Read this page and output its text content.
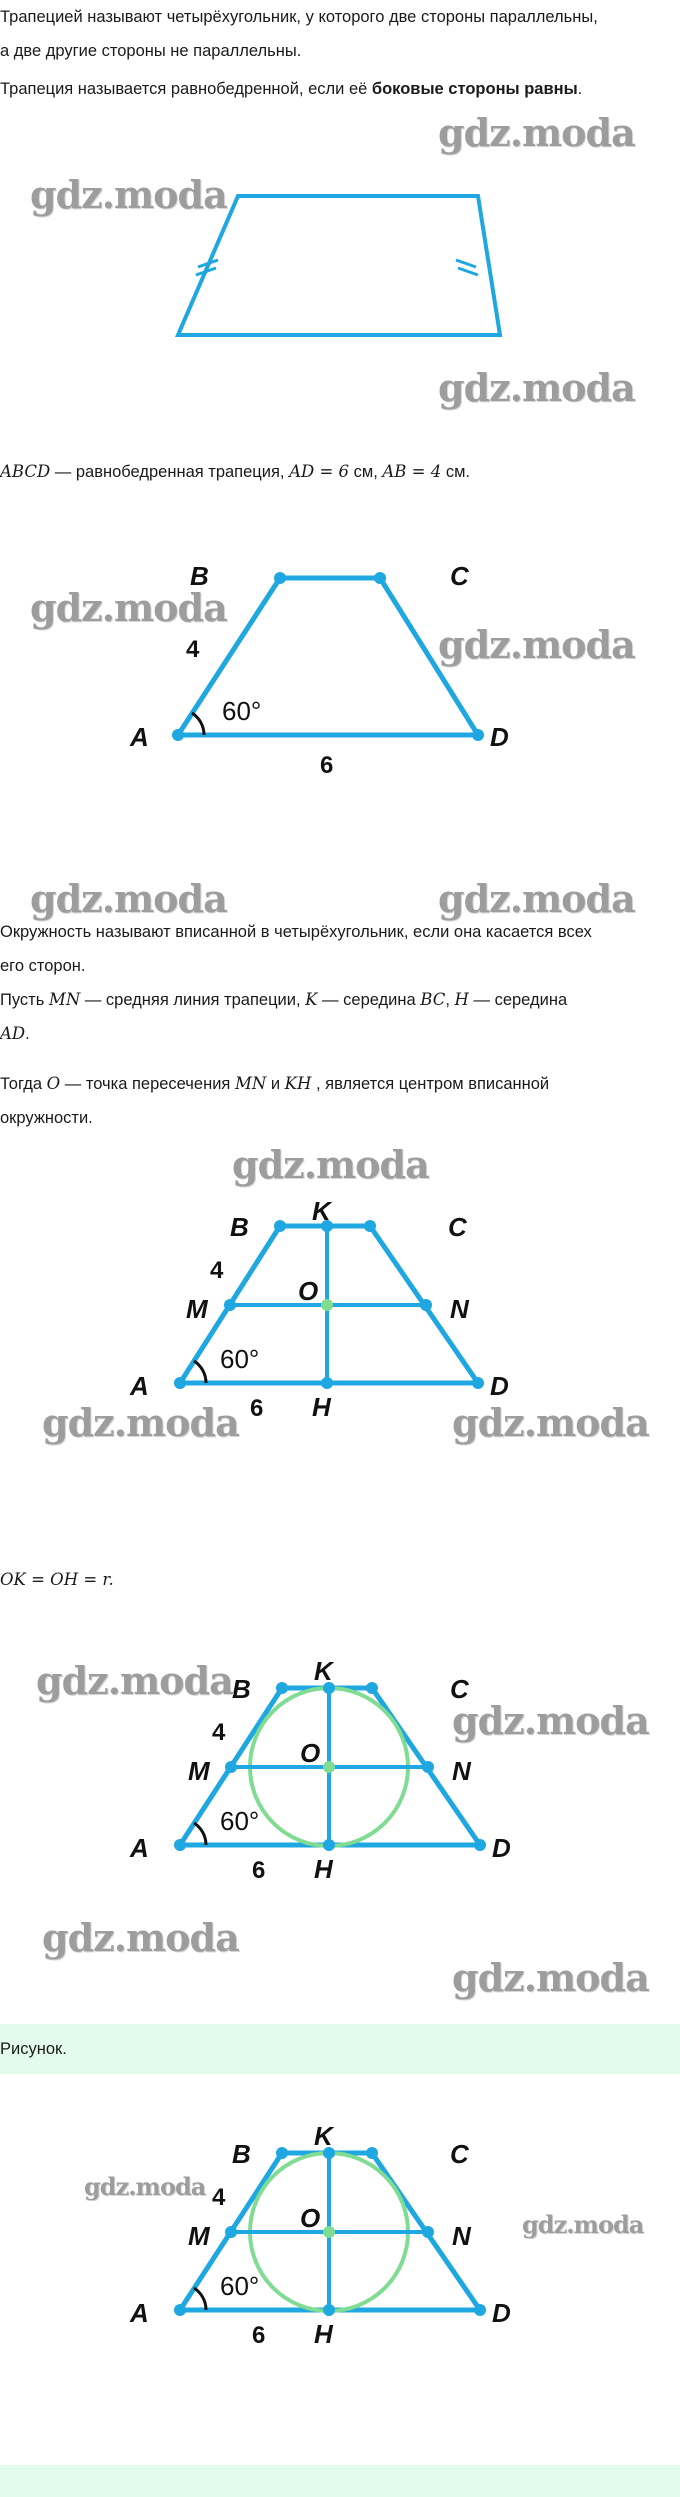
Трапецией называют четырёхугольник, у которого две стороны параллельны,
а две другие стороны не параллельны.
Трапеция называется равнобедренной, если её боковые стороны равны.
gdz.moda
gdz.moda
gdz.moda
ABCD — равнобедренная трапеция, AD = 6 см, AB = 4 см.
A
B	C
D
4
6
60°
gdz.moda
gdz.moda
gdz.moda	gdz.moda
Окружность называют вписанной в четырёхугольник, если она касается всех
его сторон.
Пусть MN — средняя линия трапеции, K — середина BC, H — середина
AD.
Тогда O — точка пересечения MN и KH , является центром вписанной
окружности.
gdz.moda
K
B	C
4
M
O
N
60°
A	D
6 H
gdz.moda	gdz.moda
OK = OH = r.
K
B	C
4
M
O
N
60°
A	D
6 H
gdz.moda
gdz.moda
gdz.moda
gdz.moda
Рисунок.
K
B	C
4
M
O
N
60°
A	D
6 H
gdz.moda
gdz.moda
